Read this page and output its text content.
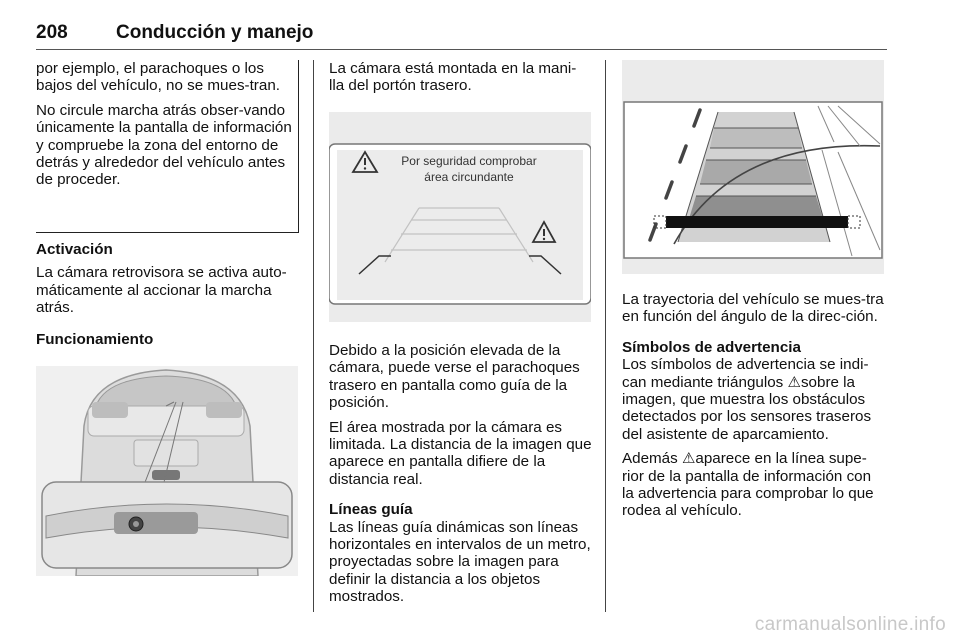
208	Conducción y manejo

por ejemplo, el parachoques o los bajos del vehículo, no se mues-tran.

No circule marcha atrás obser-vando únicamente la pantalla de información y compruebe la zona del entorno de detrás y alrededor del vehículo antes de proceder.

Activación

La cámara retrovisora se activa auto-máticamente al accionar la marcha atrás.

Funcionamiento

La cámara está montada en la mani-lla del portón trasero.

Por seguridad comprobar
área circundante

Debido a la posición elevada de la cámara, puede verse el parachoques trasero en pantalla como guía de la posición.

El área mostrada por la cámara es limitada. La distancia de la imagen que aparece en pantalla difiere de la distancia real.

Líneas guía

Las líneas guía dinámicas son líneas horizontales en intervalos de un metro, proyectadas sobre la imagen para definir la distancia a los objetos mostrados.

La trayectoria del vehículo se mues-tra en función del ángulo de la direc-ción.

Símbolos de advertencia

Los símbolos de advertencia se indi-can mediante triángulos ⚠sobre la imagen, que muestra los obstáculos detectados por los sensores traseros del asistente de aparcamiento.

Además ⚠aparece en la línea supe-rior de la pantalla de información con la advertencia para comprobar lo que rodea al vehículo.

carmanualsonline.info
